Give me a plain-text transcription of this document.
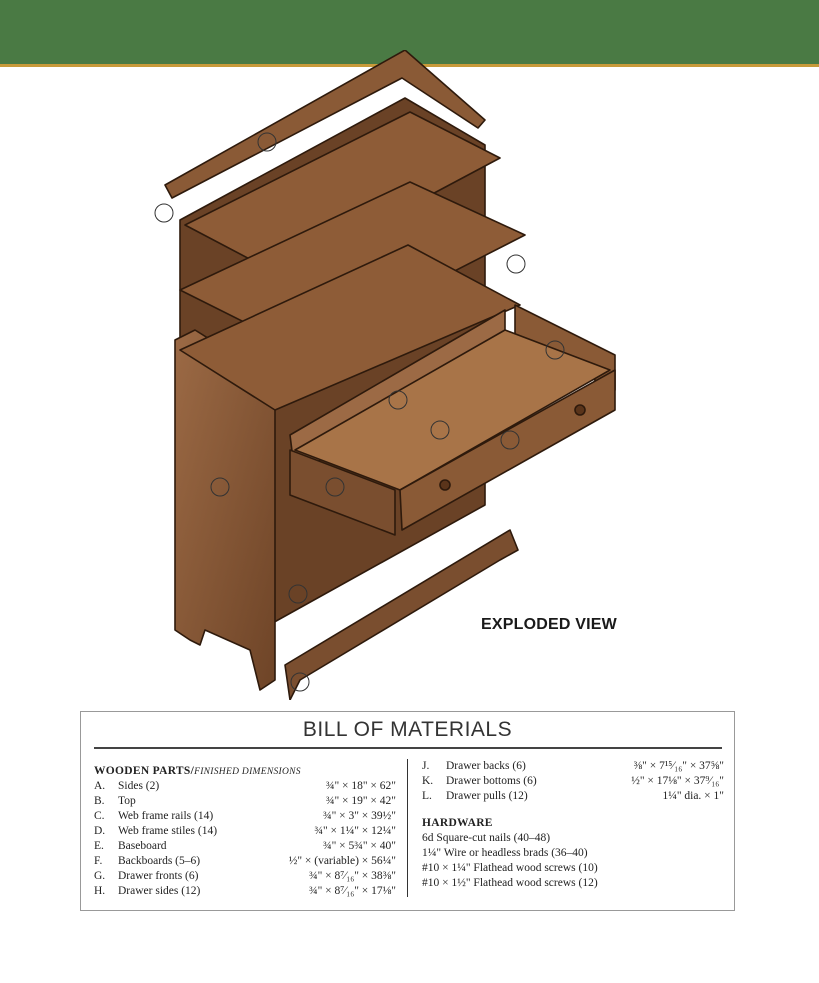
EXPLODED VIEW
BILL OF MATERIALS
WOODEN PARTS/FINISHED DIMENSIONS
A.	Sides (2)	¾" × 18" × 62"
B.	Top	¾" × 19" × 42"
C.	Web frame rails (14)	¾" × 3" × 39½"
D.	Web frame stiles (14)	¾" × 1¼" × 12¼"
E.	Baseboard	¾" × 5¾" × 40"
F.	Backboards (5–6)	½" × (variable) × 56¼"
G.	Drawer fronts (6)	¾" × 8⁷⁄₁₆" × 38⅜"
H.	Drawer sides (12)	¾" × 8⁷⁄₁₆" × 17⅛"
J.	Drawer backs (6)	⅜" × 7¹⁵⁄₁₆" × 37⅝"
K.	Drawer bottoms (6)	½" × 17⅛" × 37⁹⁄₁₆"
L.	Drawer pulls (12)	1¼" dia. × 1"
HARDWARE
6d Square-cut nails (40–48)
1¼" Wire or headless brads (36–40)
#10 × 1¼" Flathead wood screws (10)
#10 × 1½" Flathead wood screws (12)
